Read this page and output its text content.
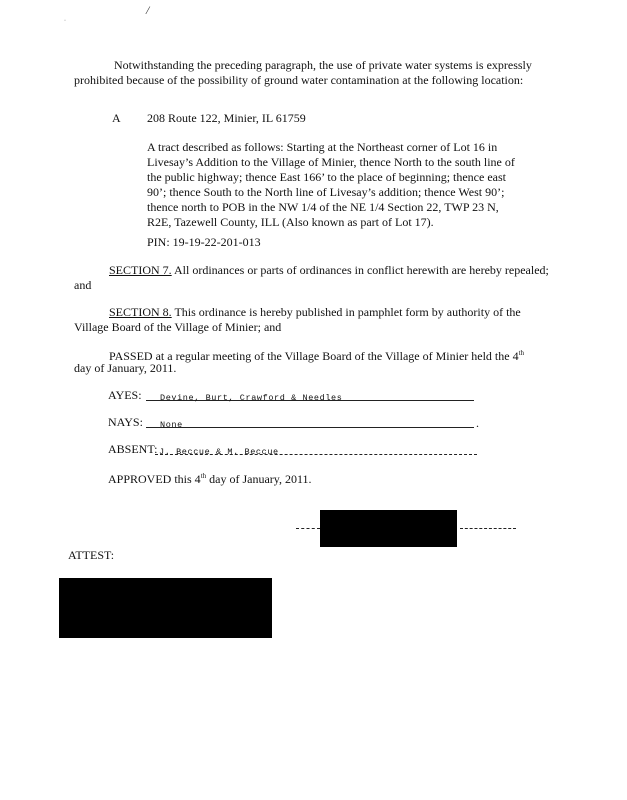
/
·
Notwithstanding the preceding paragraph, the use of private water systems is expressly
prohibited because of the possibility of ground water contamination at the following location:
A 208 Route 122, Minier, IL 61759
A tract described as follows: Starting at the Northeast corner of Lot 16 in
Livesay’s Addition to the Village of Minier, thence North to the south line of
the public highway; thence East 166’ to the place of beginning; thence east
90’; thence South to the North line of Livesay’s addition; thence West 90’;
thence north to POB in the NW 1/4 of the NE 1/4 Section 22, TWP 23 N,
R2E, Tazewell County, ILL (Also known as part of Lot 17).
PIN: 19-19-22-201-013
SECTION 7. All ordinances or parts of ordinances in conflict herewith are hereby repealed;
and
SECTION 8. This ordinance is hereby published in pamphlet form by authority of the
Village Board of the Village of Minier; and
PASSED at a regular meeting of the Village Board of the Village of Minier held the 4th
day of January, 2011.
AYES: Devine, Burt, Crawford & Needles
NAYS: None	.
ABSENT: J. Beccue & M. Beccue
APPROVED this 4th day of January, 2011.
ATTEST:
